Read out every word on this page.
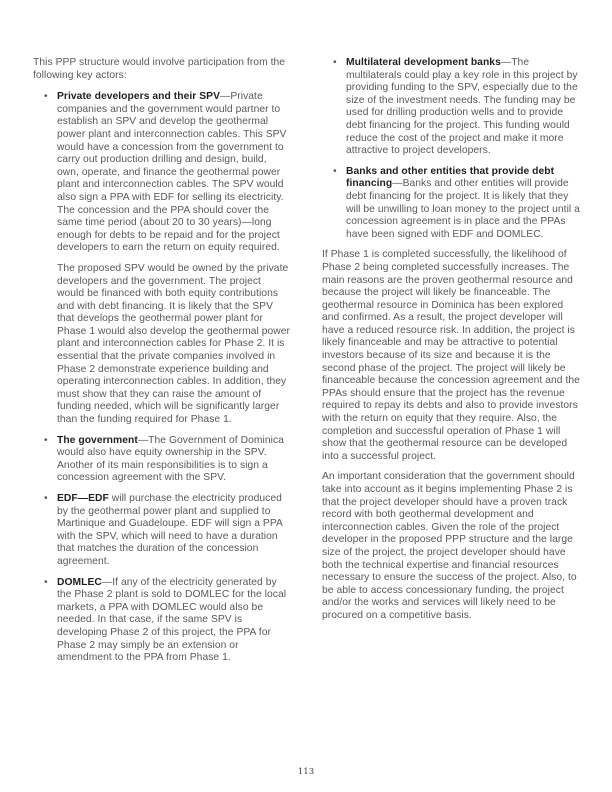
This PPP structure would involve participation from the following key actors:

• Private developers and their SPV—Private companies and the government would partner to establish an SPV and develop the geothermal power plant and interconnection cables. This SPV would have a concession from the government to carry out production drilling and design, build, own, operate, and finance the geothermal power plant and interconnection cables. The SPV would also sign a PPA with EDF for selling its electricity. The concession and the PPA should cover the same time period (about 20 to 30 years)—long enough for debts to be repaid and for the project developers to earn the return on equity required.

The proposed SPV would be owned by the private developers and the government. The project would be financed with both equity contributions and with debt financing. It is likely that the SPV that develops the geothermal power plant for Phase 1 would also develop the geothermal power plant and interconnection cables for Phase 2. It is essential that the private companies involved in Phase 2 demonstrate experience building and operating interconnection cables. In addition, they must show that they can raise the amount of funding needed, which will be significantly larger than the funding required for Phase 1.

• The government—The Government of Dominica would also have equity ownership in the SPV. Another of its main responsibilities is to sign a concession agreement with the SPV.

• EDF—EDF will purchase the electricity produced by the geothermal power plant and supplied to Martinique and Guadeloupe. EDF will sign a PPA with the SPV, which will need to have a duration that matches the duration of the concession agreement.

• DOMLEC—If any of the electricity generated by the Phase 2 plant is sold to DOMLEC for the local markets, a PPA with DOMLEC would also be needed. In that case, if the same SPV is developing Phase 2 of this project, the PPA for Phase 2 may simply be an extension or amendment to the PPA from Phase 1.

• Multilateral development banks—The multilaterals could play a key role in this project by providing funding to the SPV, especially due to the size of the investment needs. The funding may be used for drilling production wells and to provide debt financing for the project. This funding would reduce the cost of the project and make it more attractive to project developers.

• Banks and other entities that provide debt financing—Banks and other entities will provide debt financing for the project. It is likely that they will be unwilling to loan money to the project until a concession agreement is in place and the PPAs have been signed with EDF and DOMLEC.

If Phase 1 is completed successfully, the likelihood of Phase 2 being completed successfully increases. The main reasons are the proven geothermal resource and because the project will likely be financeable. The geothermal resource in Dominica has been explored and confirmed. As a result, the project developer will have a reduced resource risk. In addition, the project is likely financeable and may be attractive to potential investors because of its size and because it is the second phase of the project. The project will likely be financeable because the concession agreement and the PPAs should ensure that the project has the revenue required to repay its debts and also to provide investors with the return on equity that they require. Also, the completion and successful operation of Phase 1 will show that the geothermal resource can be developed into a successful project.

An important consideration that the government should take into account as it begins implementing Phase 2 is that the project developer should have a proven track record with both geothermal development and interconnection cables. Given the role of the project developer in the proposed PPP structure and the large size of the project, the project developer should have both the technical expertise and financial resources necessary to ensure the success of the project. Also, to be able to access concessionary funding, the project and/or the works and services will likely need to be procured on a competitive basis.

113
